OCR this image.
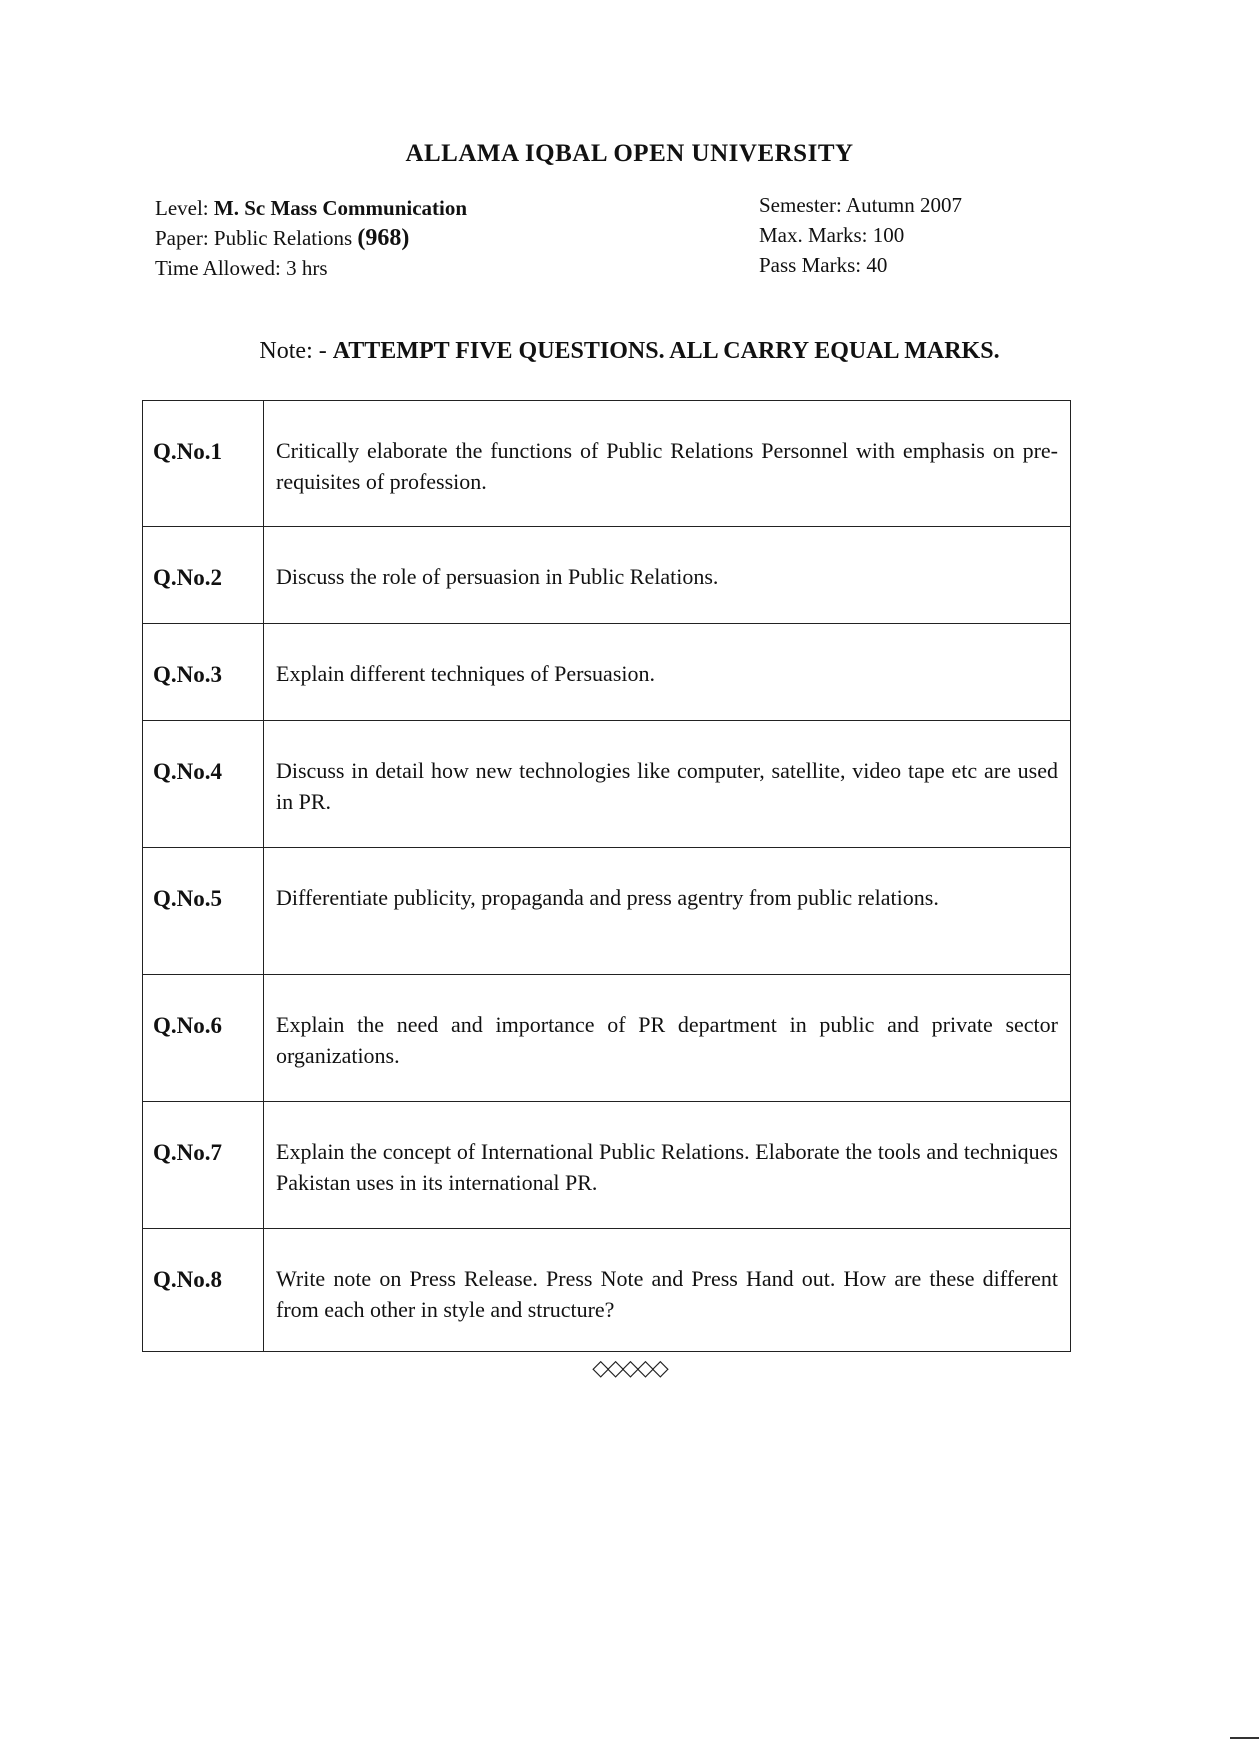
ALLAMA IQBAL OPEN UNIVERSITY
Level: M. Sc Mass Communication
Paper: Public Relations (968)
Time Allowed: 3 hrs
Semester: Autumn 2007
Max. Marks: 100
Pass Marks: 40
Note: - ATTEMPT FIVE QUESTIONS. ALL CARRY EQUAL MARKS.
Q.No.1	Critically elaborate the functions of Public Relations Personnel with emphasis on pre-requisites of profession.
Q.No.2	Discuss the role of persuasion in Public Relations.
Q.No.3	Explain different techniques of Persuasion.
Q.No.4	Discuss in detail how new technologies like computer, satellite, video tape etc are used in PR.
Q.No.5	Differentiate publicity, propaganda and press agentry from public relations.
Q.No.6	Explain the need and importance of PR department in public and private sector organizations.
Q.No.7	Explain the concept of International Public Relations. Elaborate the tools and techniques Pakistan uses in its international PR.
Q.No.8	Write note on Press Release. Press Note and Press Hand out. How are these different from each other in style and structure?
◇◇◇◇◇
